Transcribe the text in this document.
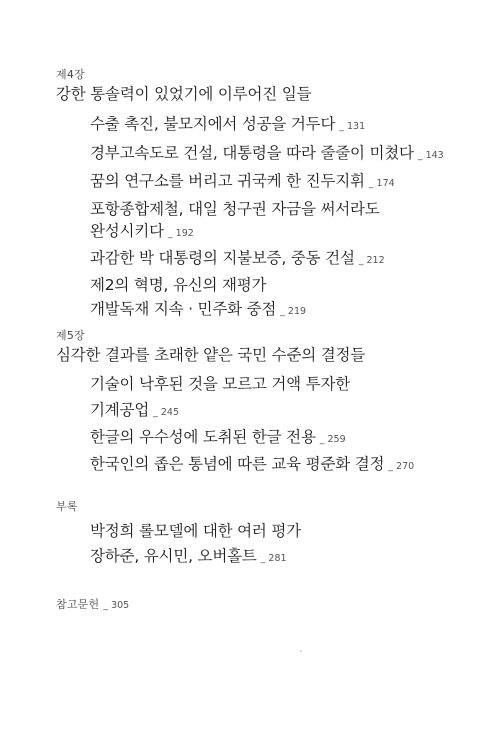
제4장
강한 통솔력이 있었기에 이루어진 일들
수출 촉진, 불모지에서 성공을 거두다 _ 131
경부고속도로 건설, 대통령을 따라 줄줄이 미쳤다 _ 143
꿈의 연구소를 버리고 귀국케 한 진두지휘 _ 174
포항종합제철, 대일 청구권 자금을 써서라도
완성시키다 _ 192
과감한 박 대통령의 지불보증, 중동 건설 _ 212
제2의 혁명, 유신의 재평가
개발독재 지속 · 민주화 중점 _ 219
제5장
심각한 결과를 초래한 얕은 국민 수준의 결정들
기술이 낙후된 것을 모르고 거액 투자한
기계공업 _ 245
한글의 우수성에 도취된 한글 전용 _ 259
한국인의 좁은 통념에 따른 교육 평준화 결정 _ 270
부록
박정희 롤모델에 대한 여러 평가
장하준, 유시민, 오버홀트 _ 281
참고문헌 _ 305
